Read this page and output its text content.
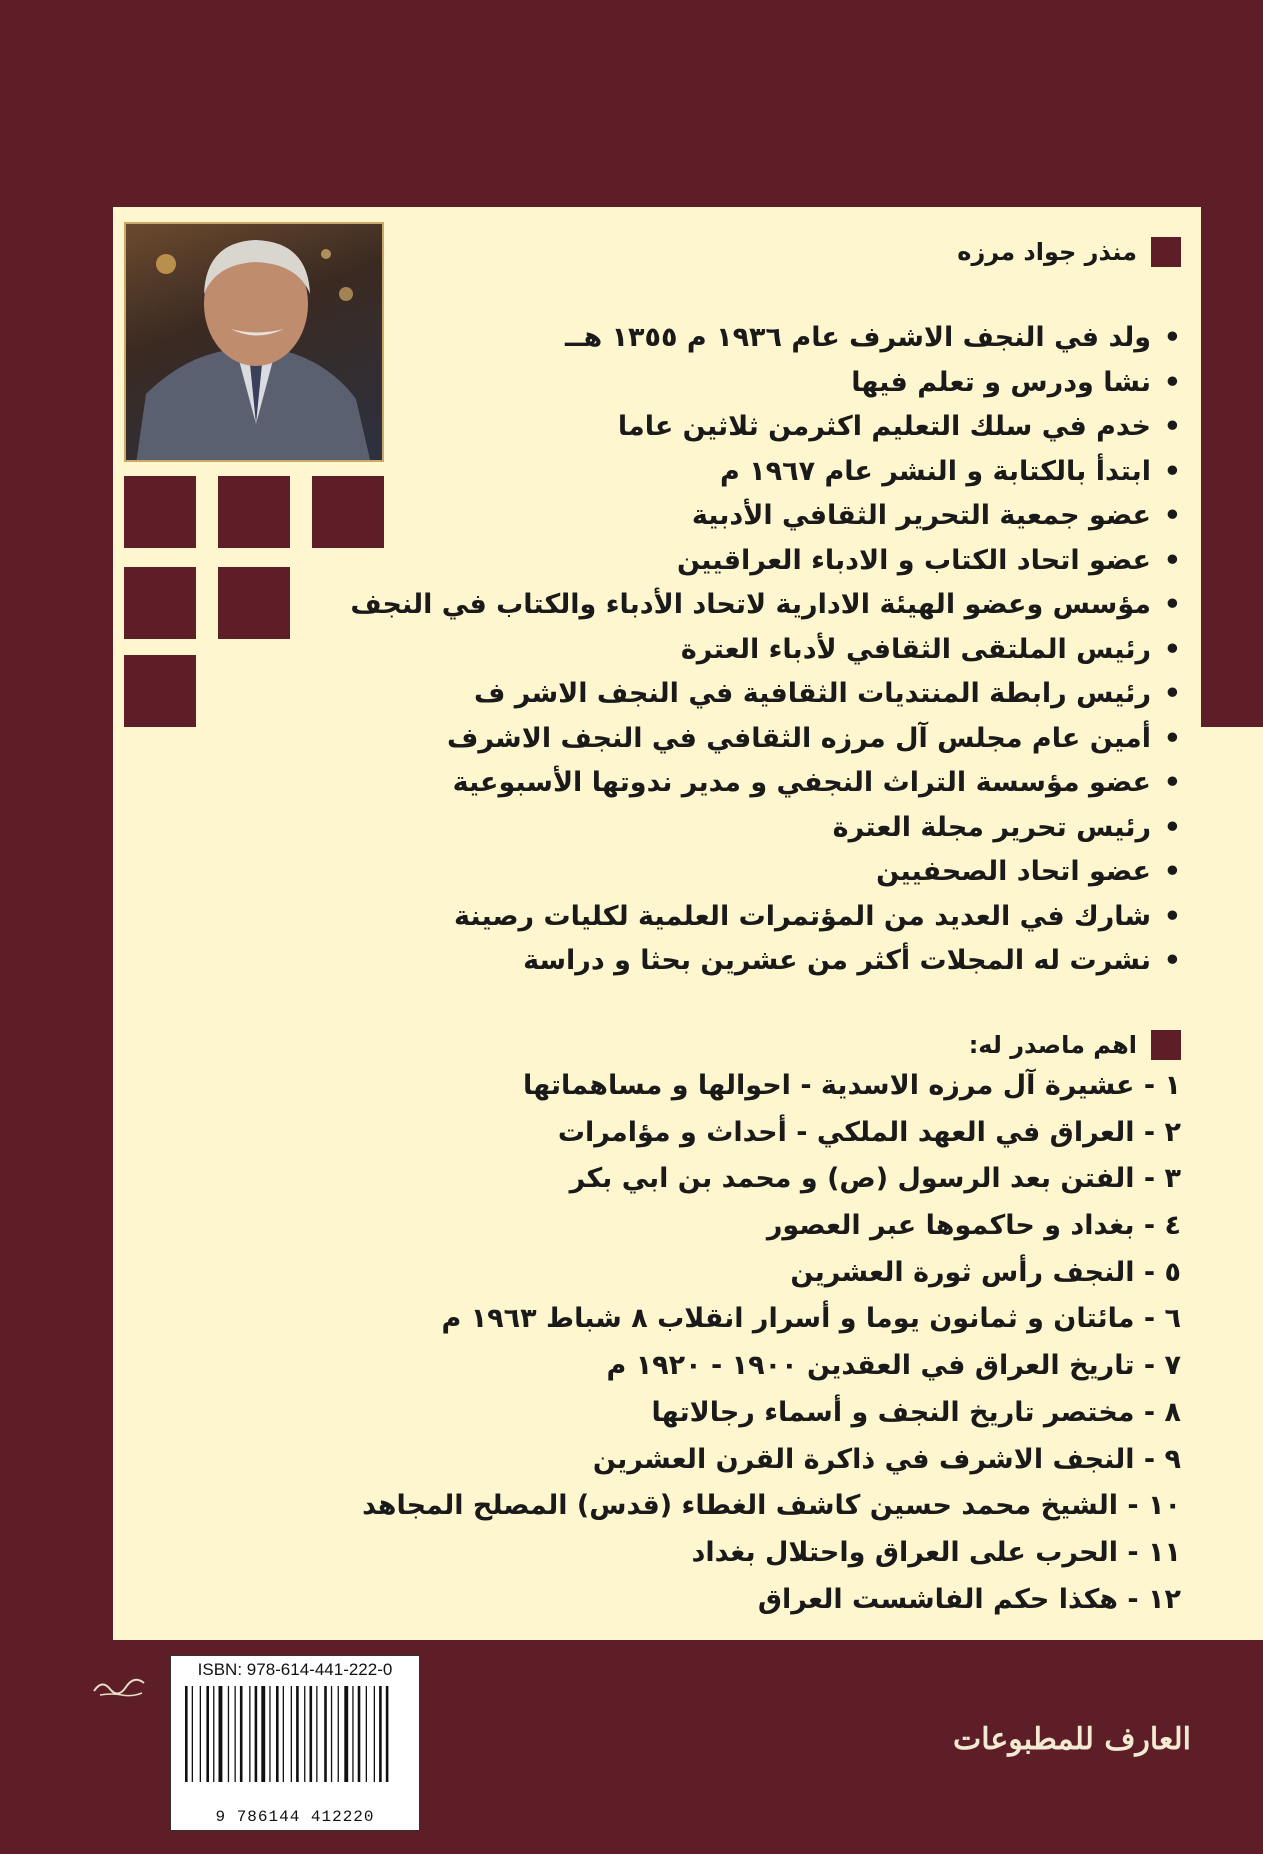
منذر جواد مرزه
•
ولد في النجف الاشرف عام ١٩٣٦ م ١٣٥٥ هــ
•
نشا ودرس و تعلم فيها
•
خدم في سلك التعليم اكثرمن ثلاثين عاما
•
ابتدأ بالكتابة و النشر عام ١٩٦٧ م
•
عضو جمعية التحرير الثقافي الأدبية
•
عضو اتحاد الكتاب و الادباء العراقيين
•
مؤسس وعضو الهيئة الادارية لاتحاد الأدباء والكتاب في النجف
•
رئيس الملتقى الثقافي لأدباء العترة
•
رئيس رابطة المنتديات الثقافية في النجف الاشر ف
•
أمين عام مجلس آل مرزه الثقافي في النجف الاشرف
•
عضو مؤسسة التراث النجفي و مدير ندوتها الأسبوعية
•
رئيس تحرير مجلة العترة
•
عضو اتحاد الصحفيين
•
شارك في العديد من المؤتمرات العلمية لكليات رصينة
•
نشرت له المجلات أكثر من عشرين بحثا و دراسة
اهم ماصدر له:
١ - عشيرة آل مرزه الاسدية - احوالها و مساهماتها
٢ - العراق في العهد الملكي - أحداث و مؤامرات
٣ - الفتن بعد الرسول (ص) و محمد بن ابي بكر
٤ - بغداد و حاكموها عبر العصور
٥ - النجف رأس ثورة العشرين
٦ - مائتان و ثمانون يوما و أسرار انقلاب ٨ شباط ١٩٦٣ م
٧ - تاريخ العراق في العقدين ١٩٠٠ - ١٩٢٠ م
٨ - مختصر تاريخ النجف و أسماء رجالاتها
٩ - النجف الاشرف في ذاكرة القرن العشرين
١٠ - الشيخ محمد حسين كاشف الغطاء (قدس) المصلح المجاهد
١١ - الحرب على العراق واحتلال بغداد
١٢ - هكذا حكم الفاشست العراق
ISBN: 978-614-441-222-0
9 786144 412220
العارف للمطبوعات
